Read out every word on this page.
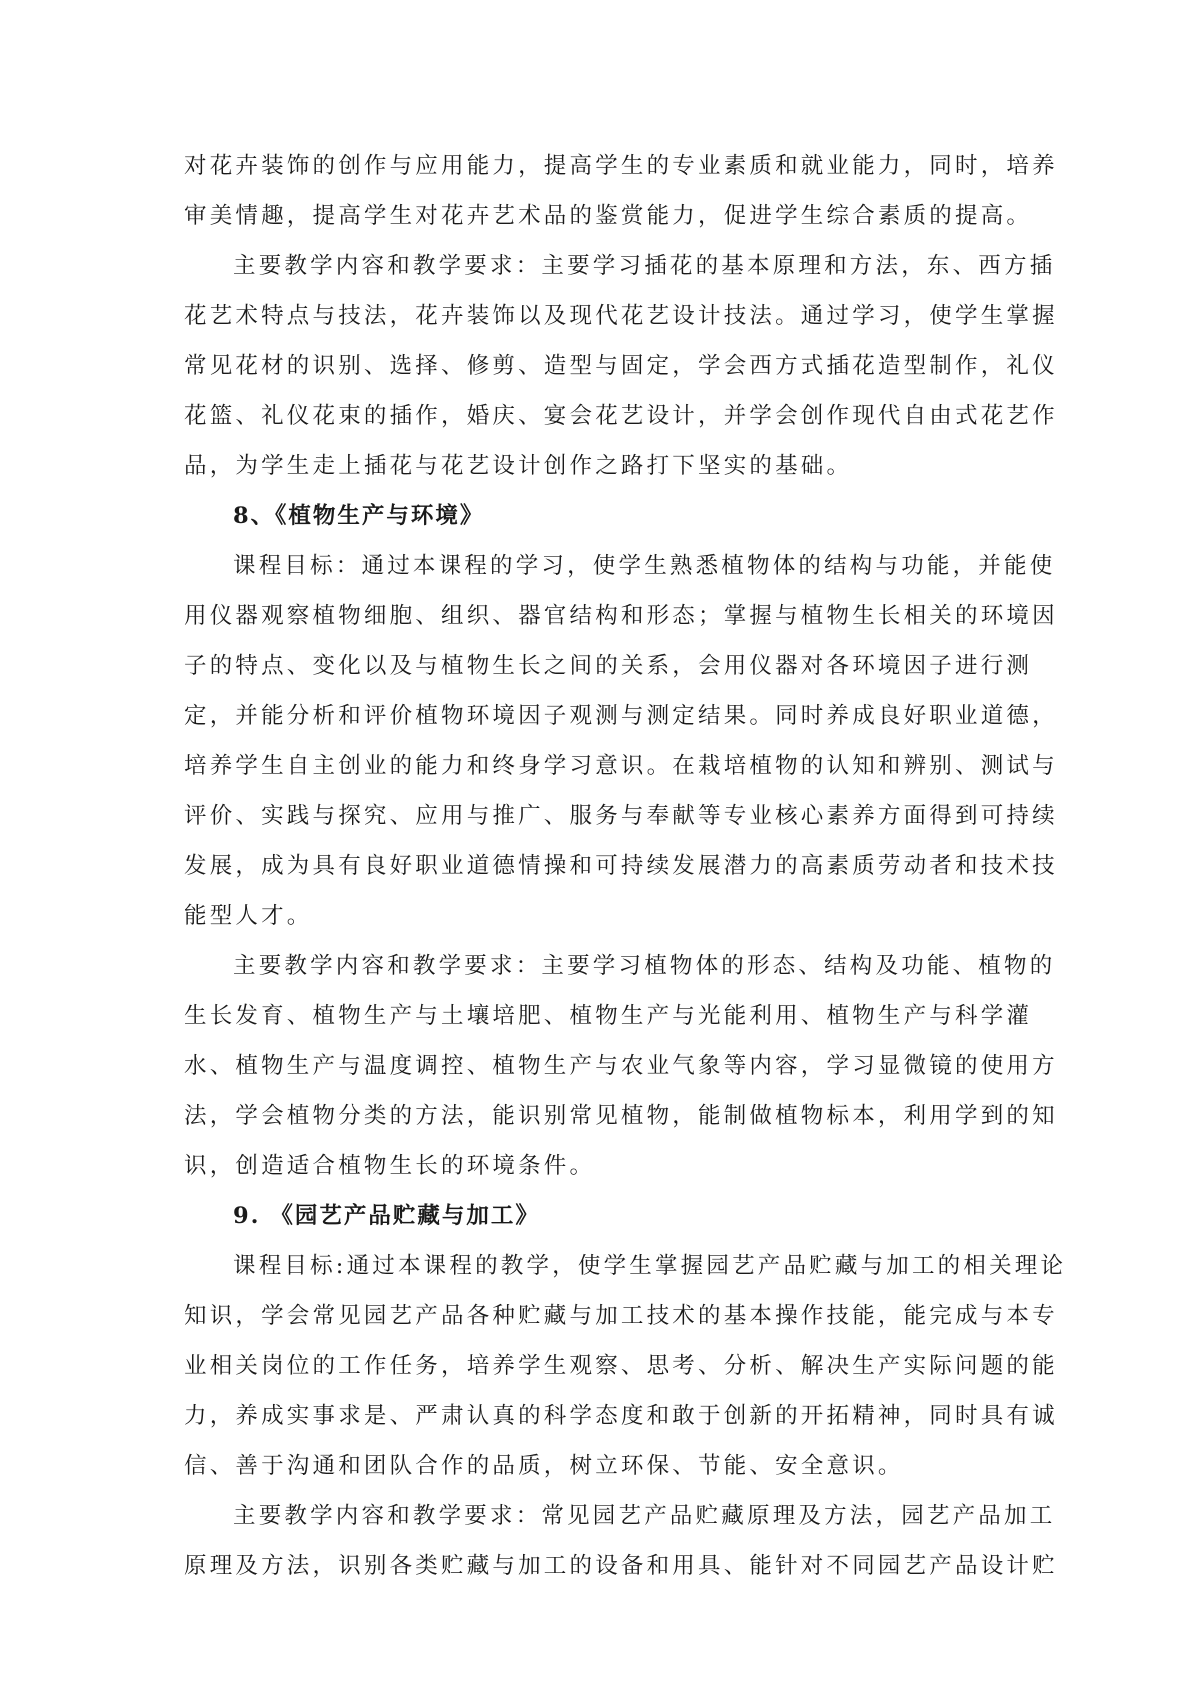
对花卉装饰的创作与应用能力，提高学生的专业素质和就业能力，同时，培养
审美情趣，提高学生对花卉艺术品的鉴赏能力，促进学生综合素质的提高。
主要教学内容和教学要求：主要学习插花的基本原理和方法，东、西方插
花艺术特点与技法，花卉装饰以及现代花艺设计技法。通过学习，使学生掌握
常见花材的识别、选择、修剪、造型与固定，学会西方式插花造型制作，礼仪
花篮、礼仪花束的插作，婚庆、宴会花艺设计，并学会创作现代自由式花艺作
品，为学生走上插花与花艺设计创作之路打下坚实的基础。
8、《植物生产与环境》
课程目标：通过本课程的学习，使学生熟悉植物体的结构与功能，并能使
用仪器观察植物细胞、组织、器官结构和形态；掌握与植物生长相关的环境因
子的特点、变化以及与植物生长之间的关系，会用仪器对各环境因子进行测
定，并能分析和评价植物环境因子观测与测定结果。同时养成良好职业道德，
培养学生自主创业的能力和终身学习意识。在栽培植物的认知和辨别、测试与
评价、实践与探究、应用与推广、服务与奉献等专业核心素养方面得到可持续
发展，成为具有良好职业道德情操和可持续发展潜力的高素质劳动者和技术技
能型人才。
主要教学内容和教学要求：主要学习植物体的形态、结构及功能、植物的
生长发育、植物生产与土壤培肥、植物生产与光能利用、植物生产与科学灌
水、植物生产与温度调控、植物生产与农业气象等内容，学习显微镜的使用方
法，学会植物分类的方法，能识别常见植物，能制做植物标本，利用学到的知
识，创造适合植物生长的环境条件。
9. 《园艺产品贮藏与加工》
课程目标:通过本课程的教学，使学生掌握园艺产品贮藏与加工的相关理论
知识，学会常见园艺产品各种贮藏与加工技术的基本操作技能，能完成与本专
业相关岗位的工作任务，培养学生观察、思考、分析、解决生产实际问题的能
力，养成实事求是、严肃认真的科学态度和敢于创新的开拓精神，同时具有诚
信、善于沟通和团队合作的品质，树立环保、节能、安全意识。
主要教学内容和教学要求：常见园艺产品贮藏原理及方法，园艺产品加工
原理及方法，识别各类贮藏与加工的设备和用具、能针对不同园艺产品设计贮
